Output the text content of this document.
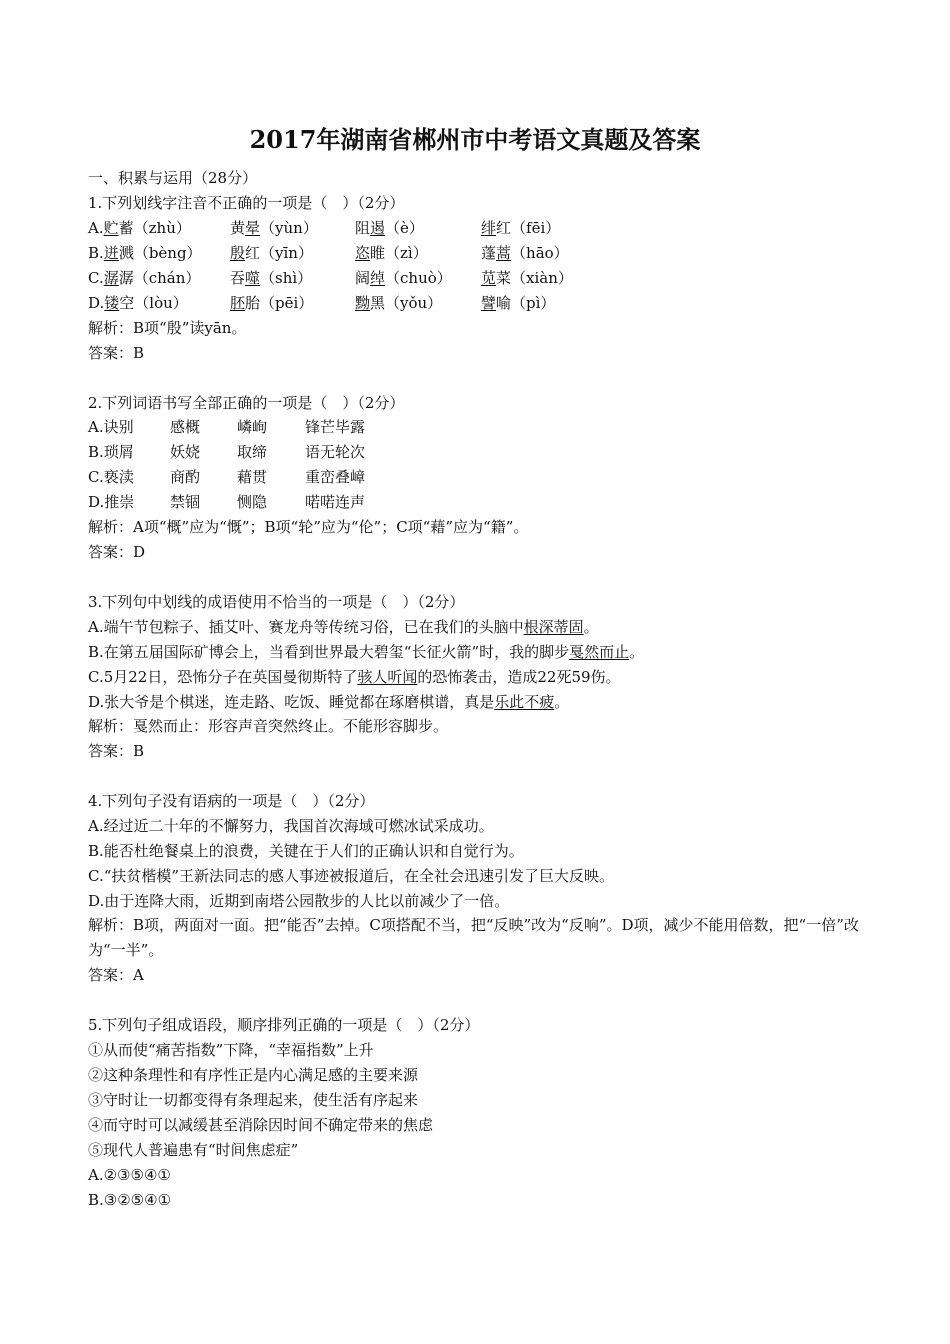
2017年湖南省郴州市中考语文真题及答案
一、积累与运用（28分）
1.下列划线字注音不正确的一项是（　）（2分）
A.贮蓄（zhù）	黄晕（yùn） 阻遏（è）	绯红（fēi）
B.迸溅（bèng） 殷红（yīn）	恣睢（zì）	蓬蒿（hāo）
C.潺潺（chán） 吞噬（shì）	阔绰（chuò） 苋菜（xiàn）
D.镂空（lòu）	胚胎（pēi）	黝黑（yǒu）	譬喻（pì）
解析：B项“殷”读yān。
答案：B
2.下列词语书写全部正确的一项是（　）（2分）
A.诀别 感概 嶙峋	锋芒毕露
B.琐屑 妖娆 取缔	语无轮次
C.亵渎 商酌 藉贯	重峦叠嶂
D.推崇 禁锢 恻隐	喏喏连声
解析：A项“概”应为“慨”；B项“轮”应为“伦”；C项“藉”应为“籍”。
答案：D
3.下列句中划线的成语使用不恰当的一项是（　）（2分）
A.端午节包粽子、插艾叶、赛龙舟等传统习俗，已在我们的头脑中根深蒂固。
B.在第五届国际矿博会上，当看到世界最大碧玺“长征火箭”时，我的脚步戛然而止。
C.5月22日，恐怖分子在英国曼彻斯特了骇人听闻的恐怖袭击，造成22死59伤。
D.张大爷是个棋迷，连走路、吃饭、睡觉都在琢磨棋谱，真是乐此不疲。
解析：戛然而止：形容声音突然终止。不能形容脚步。
答案：B
4.下列句子没有语病的一项是（　）（2分）
A.经过近二十年的不懈努力，我国首次海域可燃冰试采成功。
B.能否杜绝餐桌上的浪费，关键在于人们的正确认识和自觉行为。
C.“扶贫楷模”王新法同志的感人事迹被报道后，在全社会迅速引发了巨大反映。
D.由于连降大雨，近期到南塔公园散步的人比以前减少了一倍。
解析：B项，两面对一面。把“能否”去掉。C项搭配不当，把“反映”改为“反响”。D项，减少不能用倍数，把“一倍”改为“一半”。
答案：A
5.下列句子组成语段，顺序排列正确的一项是（　）（2分）
①从而使“痛苦指数”下降，“幸福指数”上升
②这种条理性和有序性正是内心满足感的主要来源
③守时让一切都变得有条理起来，使生活有序起来
④而守时可以减缓甚至消除因时间不确定带来的焦虑
⑤现代人普遍患有“时间焦虑症”
A.②③⑤④①
B.③②⑤④①
